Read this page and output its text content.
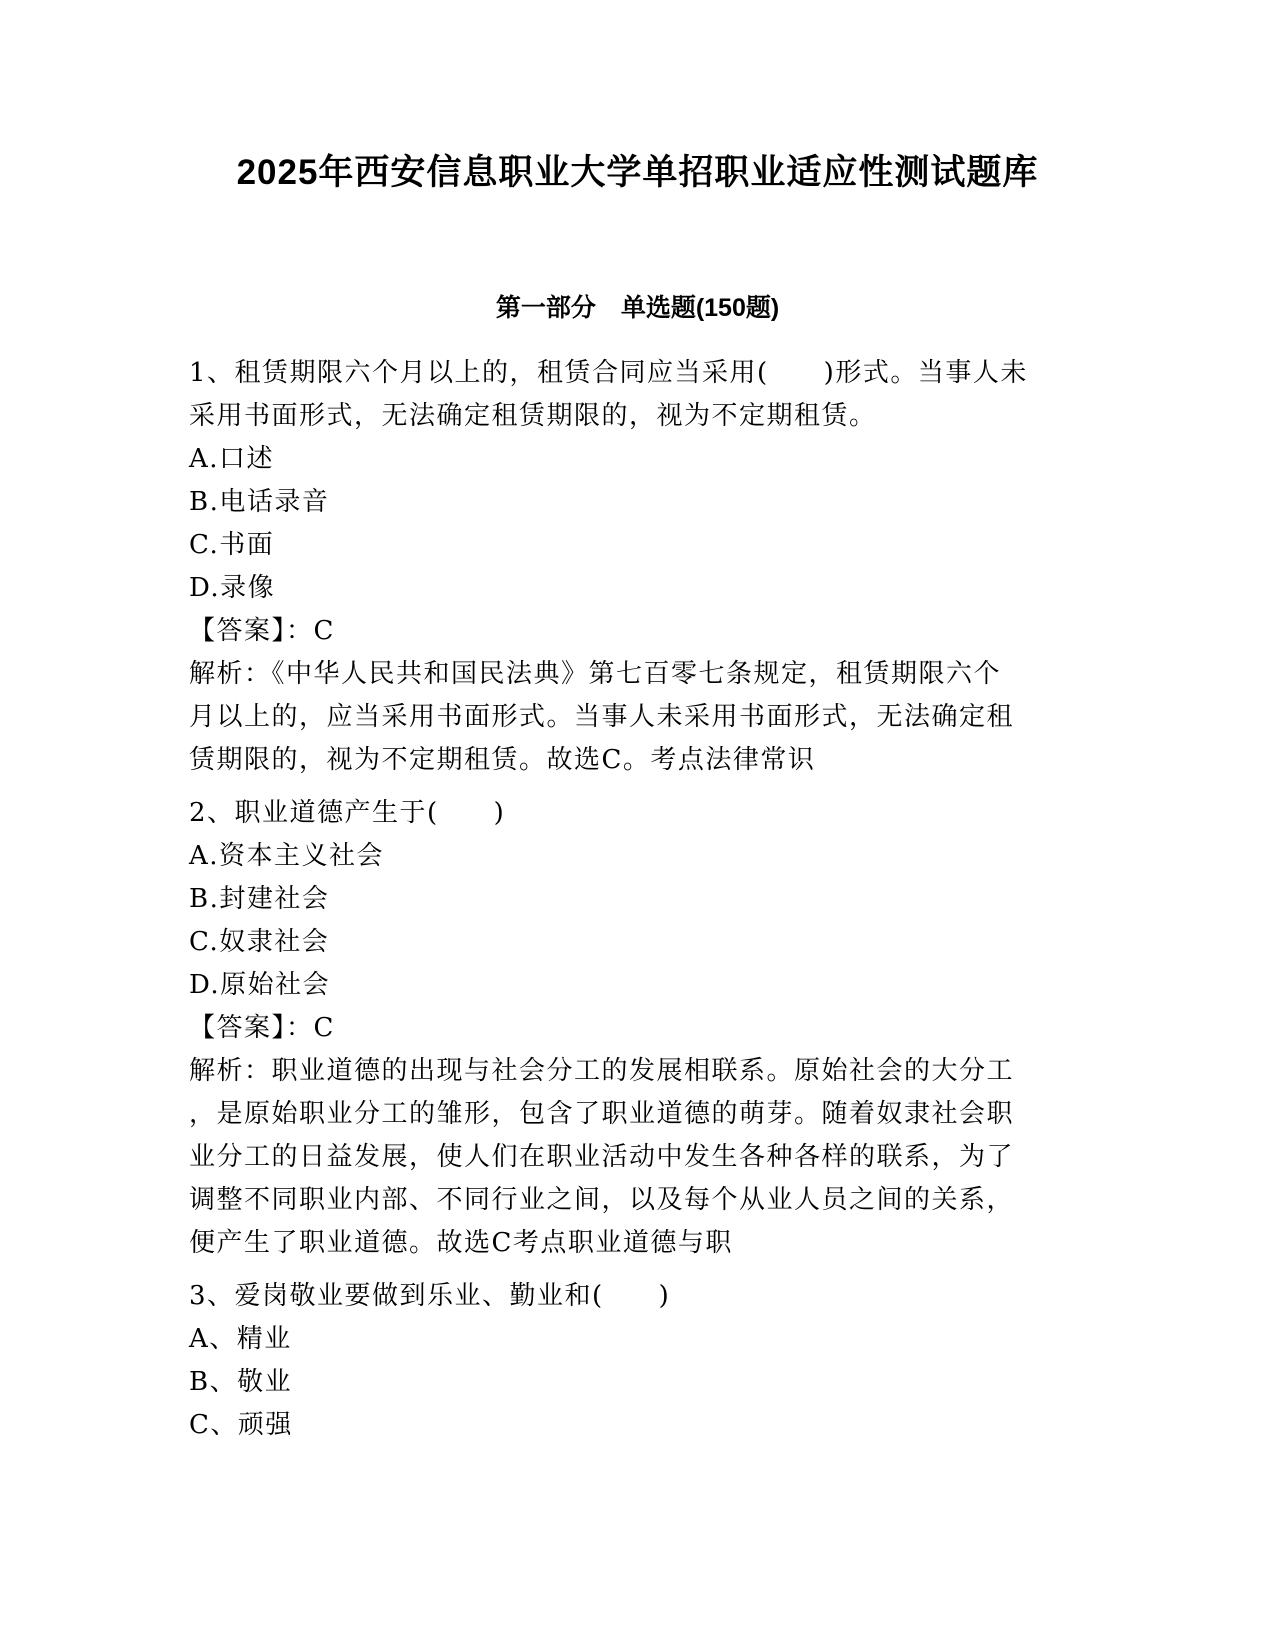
2025年西安信息职业大学单招职业适应性测试题库
第一部分　单选题(150题)
1、租赁期限六个月以上的，租赁合同应当采用(　　)形式。当事人未
采用书面形式，无法确定租赁期限的，视为不定期租赁。
A.口述
B.电话录音
C.书面
D.录像
【答案】：C
解析：《中华人民共和国民法典》第七百零七条规定，租赁期限六个
月以上的，应当采用书面形式。当事人未采用书面形式，无法确定租
赁期限的，视为不定期租赁。故选C。考点法律常识
2、职业道德产生于(　　)
A.资本主义社会
B.封建社会
C.奴隶社会
D.原始社会
【答案】：C
解析：职业道德的出现与社会分工的发展相联系。原始社会的大分工
，是原始职业分工的雏形，包含了职业道德的萌芽。随着奴隶社会职
业分工的日益发展，使人们在职业活动中发生各种各样的联系，为了
调整不同职业内部、不同行业之间，以及每个从业人员之间的关系，
便产生了职业道德。故选C考点职业道德与职
3、爱岗敬业要做到乐业、勤业和(　　)
A、精业
B、敬业
C、顽强
